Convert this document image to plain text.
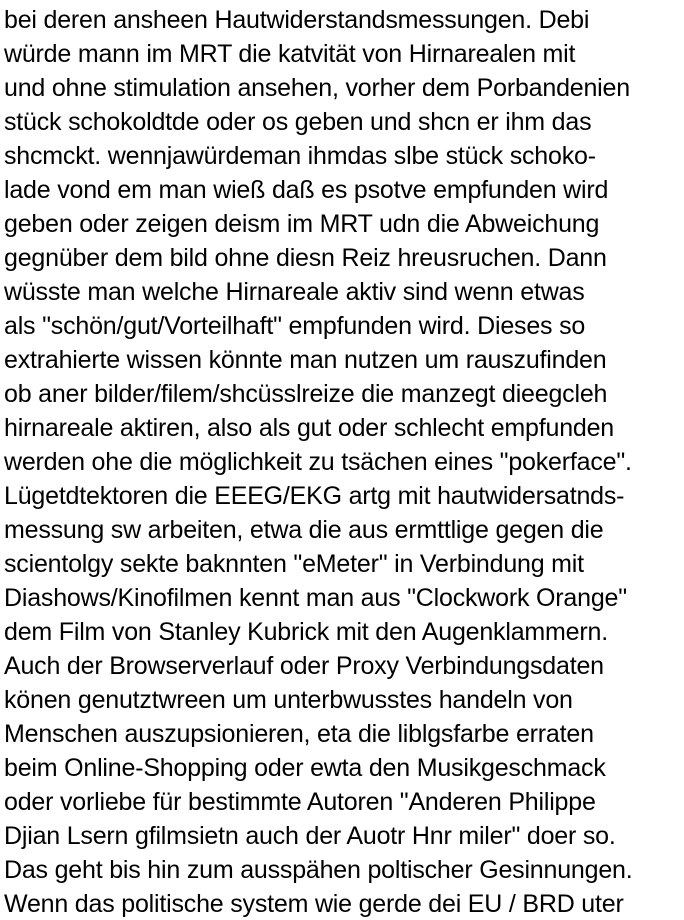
bei deren ansheen Hautwiderstandsmessungen. Debi

würde mann im MRT die katvität von Hirnarealen mit

und ohne stimulation ansehen, vorher dem Porbandenien

stück schokoldtde oder os geben und shcn er ihm das

shcmckt. wennjawürdeman ihmdas slbe stück schoko-

lade vond em man wieß daß es psotve empfunden wird

geben oder zeigen deism im MRT udn die Abweichung

gegnüber dem bild ohne diesn Reiz hreusruchen. Dann

wüsste man welche Hirnareale aktiv sind wenn etwas

als "schön/gut/Vorteilhaft" empfunden wird. Dieses so

extrahierte wissen könnte man nutzen um rauszufinden

ob aner bilder/filem/shcüsslreize die manzegt dieegcleh

hirnareale aktiren, also als gut oder schlecht empfunden

werden ohe die möglichkeit zu tsächen eines "pokerface".

Lügetdtektoren die EEEG/EKG artg mit hautwidersatnds-

messung sw arbeiten, etwa die aus ermttlige gegen die

scientolgy sekte baknnten "eMeter" in Verbindung mit

Diashows/Kinofilmen kennt man aus "Clockwork Orange"

dem Film von Stanley Kubrick mit den Augenklammern.

Auch der Browserverlauf oder Proxy Verbindungsdaten

könen genutztwreen um unterbwusstes handeln von

Menschen auszupsionieren, eta die liblgsfarbe erraten

beim Online-Shopping oder ewta den Musikgeschmack

oder vorliebe für bestimmte Autoren "Anderen Philippe

Djian Lsern gfilmsietn auch der Auotr Hnr miler" doer so.

Das geht bis hin zum ausspähen poltischer Gesinnungen.

Wenn das politische system wie gerde dei EU / BRD uter
